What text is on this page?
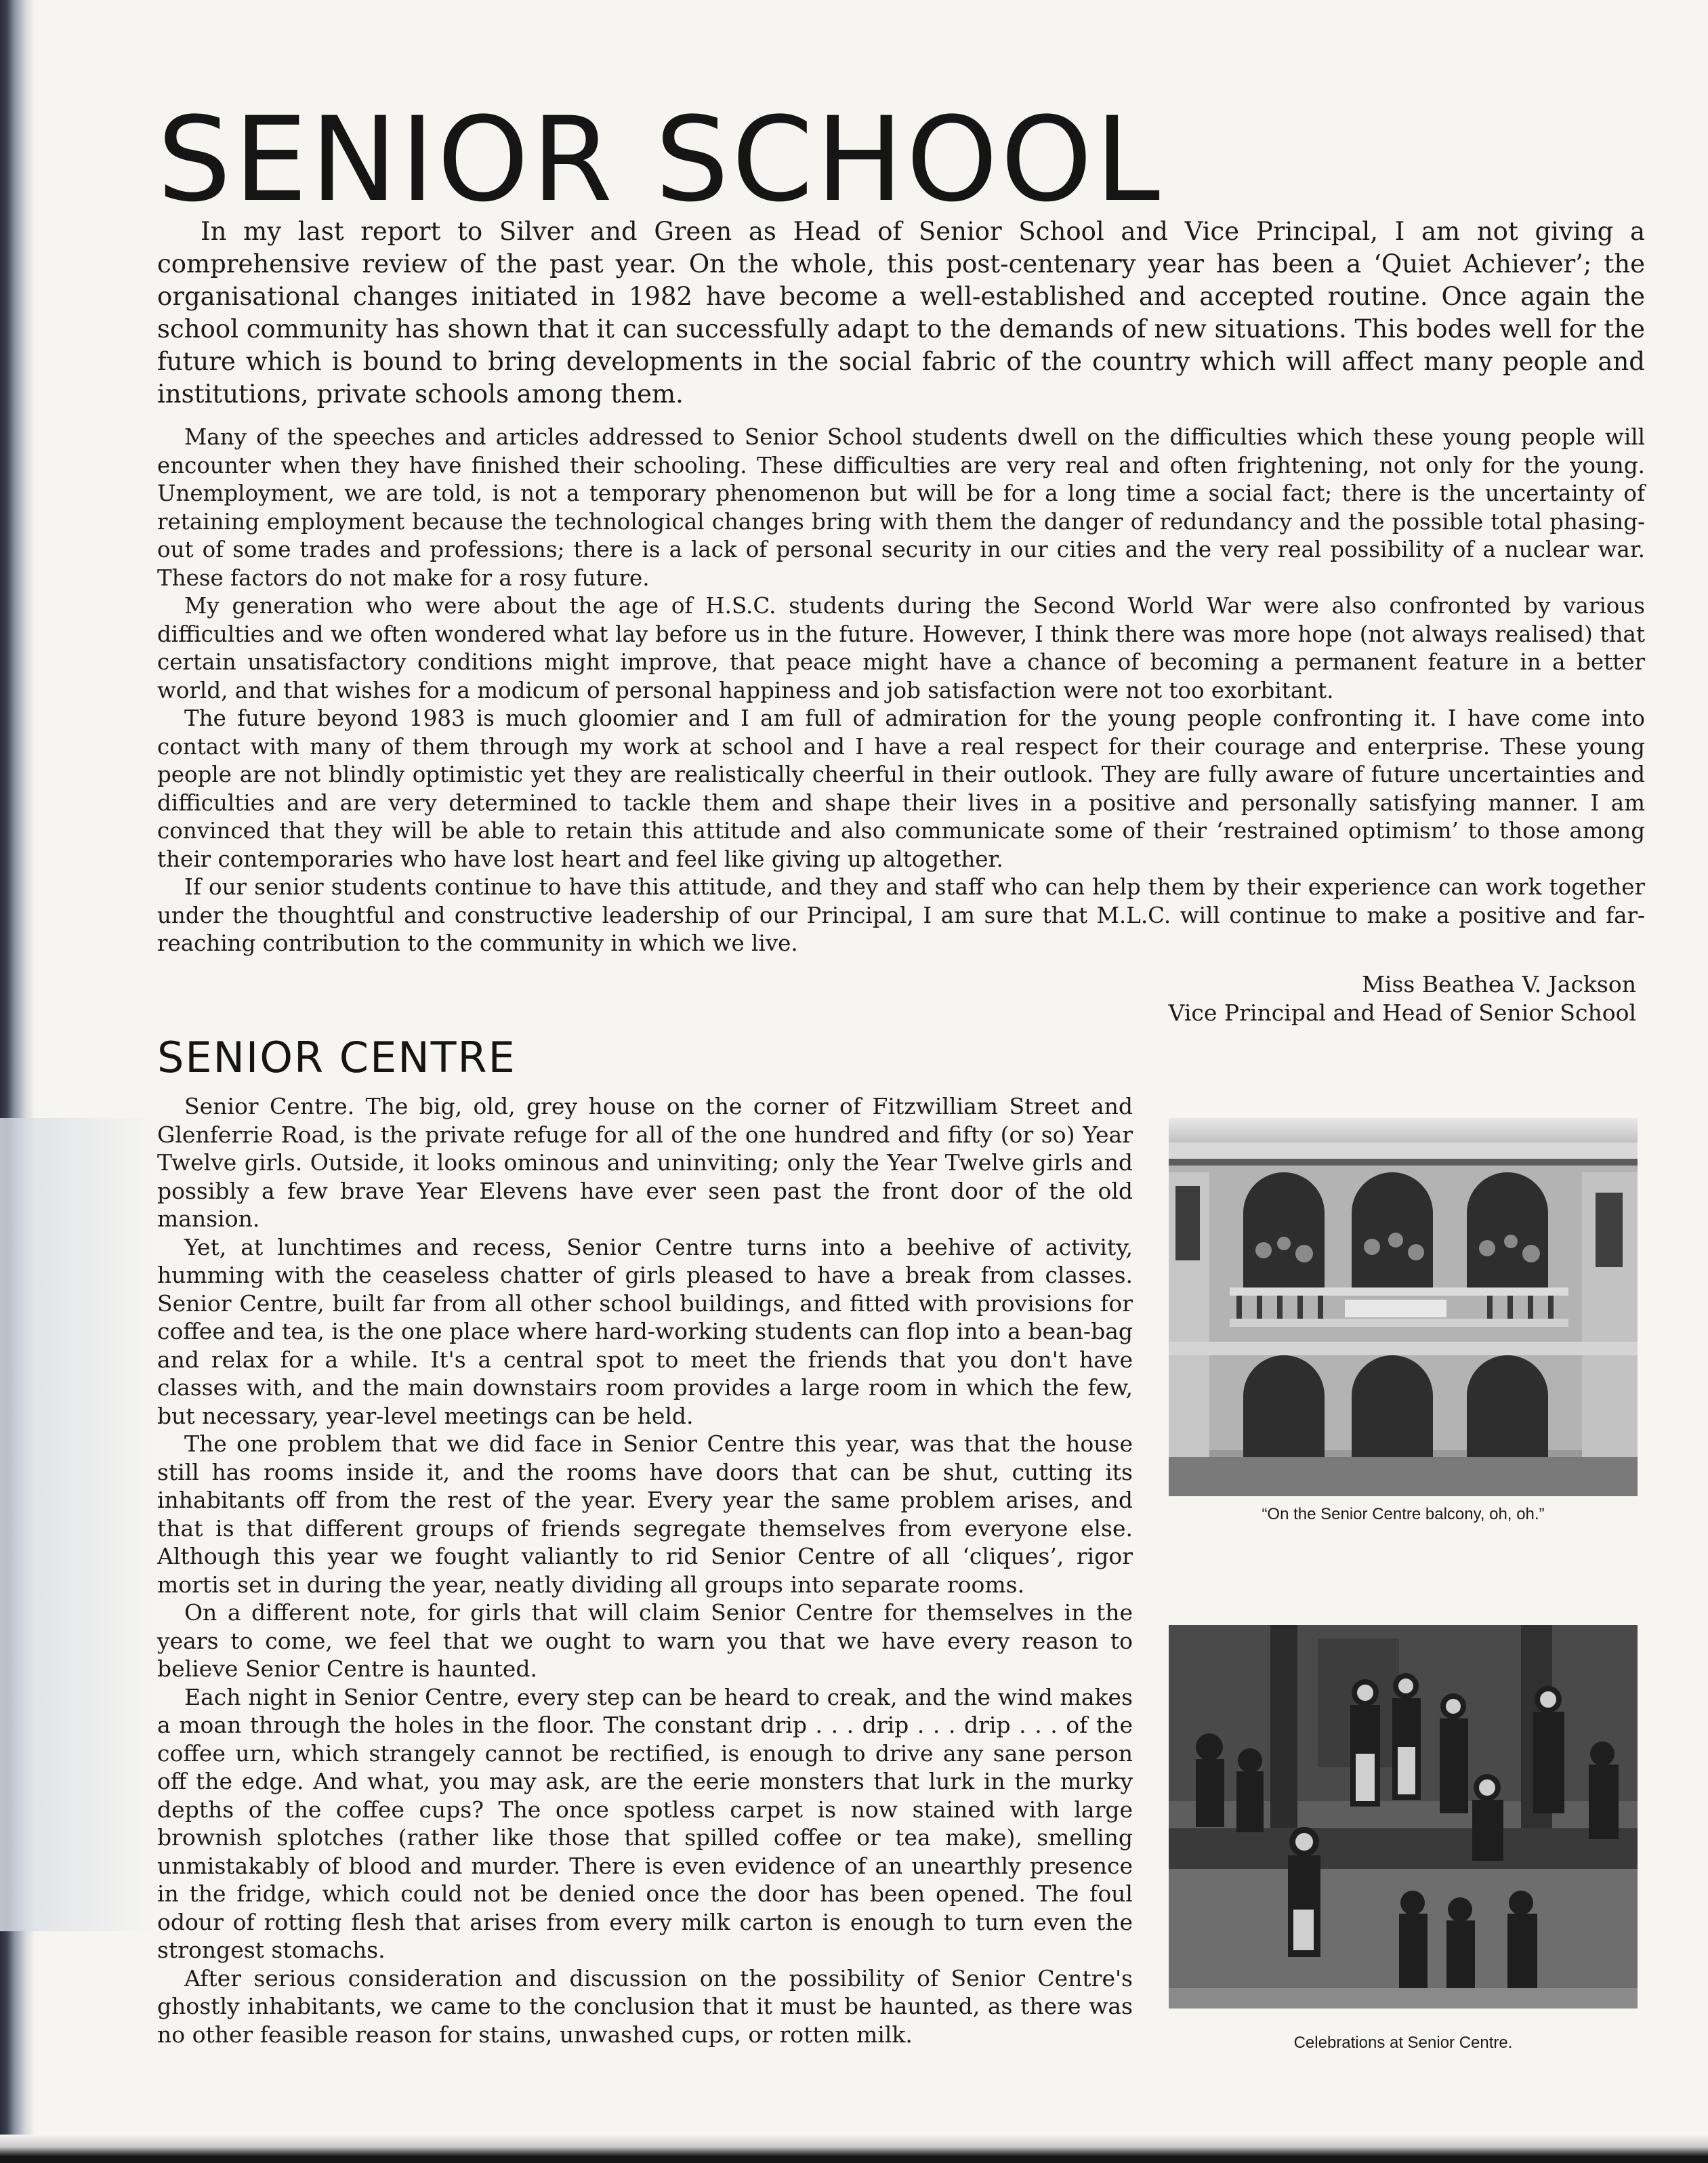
SENIOR SCHOOL

In my last report to Silver and Green as Head of Senior School and Vice Principal, I am not giving a comprehensive review of the past year. On the whole, this post-centenary year has been a ‘Quiet Achiever’; the organisational changes initiated in 1982 have become a well-established and accepted routine. Once again the school community has shown that it can successfully adapt to the demands of new situations. This bodes well for the future which is bound to bring developments in the social fabric of the country which will affect many people and institutions, private schools among them.

Many of the speeches and articles addressed to Senior School students dwell on the difficulties which these young people will encounter when they have finished their schooling. These difficulties are very real and often frightening, not only for the young. Unemployment, we are told, is not a temporary phenomenon but will be for a long time a social fact; there is the uncertainty of retaining employment because the technological changes bring with them the danger of redundancy and the possible total phasing-out of some trades and professions; there is a lack of personal security in our cities and the very real possibility of a nuclear war. These factors do not make for a rosy future.

My generation who were about the age of H.S.C. students during the Second World War were also confronted by various difficulties and we often wondered what lay before us in the future. However, I think there was more hope (not always realised) that certain unsatisfactory conditions might improve, that peace might have a chance of becoming a permanent feature in a better world, and that wishes for a modicum of personal happiness and job satisfaction were not too exorbitant.

The future beyond 1983 is much gloomier and I am full of admiration for the young people confronting it. I have come into contact with many of them through my work at school and I have a real respect for their courage and enterprise. These young people are not blindly optimistic yet they are realistically cheerful in their outlook. They are fully aware of future uncertainties and difficulties and are very determined to tackle them and shape their lives in a positive and personally satisfying manner. I am convinced that they will be able to retain this attitude and also communicate some of their ‘restrained optimism’ to those among their contemporaries who have lost heart and feel like giving up altogether.

If our senior students continue to have this attitude, and they and staff who can help them by their experience can work together under the thoughtful and constructive leadership of our Principal, I am sure that M.L.C. will continue to make a positive and far-reaching contribution to the community in which we live.

Miss Beathea V. Jackson
Vice Principal and Head of Senior School
SENIOR CENTRE

Senior Centre. The big, old, grey house on the corner of Fitzwilliam Street and Glenferrie Road, is the private refuge for all of the one hundred and fifty (or so) Year Twelve girls. Outside, it looks ominous and uninviting; only the Year Twelve girls and possibly a few brave Year Elevens have ever seen past the front door of the old mansion.

Yet, at lunchtimes and recess, Senior Centre turns into a beehive of activity, humming with the ceaseless chatter of girls pleased to have a break from classes. Senior Centre, built far from all other school buildings, and fitted with provisions for coffee and tea, is the one place where hard-working students can flop into a bean-bag and relax for a while. It's a central spot to meet the friends that you don't have classes with, and the main downstairs room provides a large room in which the few, but necessary, year-level meetings can be held.

The one problem that we did face in Senior Centre this year, was that the house still has rooms inside it, and the rooms have doors that can be shut, cutting its inhabitants off from the rest of the year. Every year the same problem arises, and that is that different groups of friends segregate themselves from everyone else. Although this year we fought valiantly to rid Senior Centre of all ‘cliques’, rigor mortis set in during the year, neatly dividing all groups into separate rooms.

On a different note, for girls that will claim Senior Centre for themselves in the years to come, we feel that we ought to warn you that we have every reason to believe Senior Centre is haunted.

Each night in Senior Centre, every step can be heard to creak, and the wind makes a moan through the holes in the floor. The constant drip . . . drip . . . drip . . . of the coffee urn, which strangely cannot be rectified, is enough to drive any sane person off the edge. And what, you may ask, are the eerie monsters that lurk in the murky depths of the coffee cups? The once spotless carpet is now stained with large brownish splotches (rather like those that spilled coffee or tea make), smelling unmistakably of blood and murder. There is even evidence of an unearthly presence in the fridge, which could not be denied once the door has been opened. The foul odour of rotting flesh that arises from every milk carton is enough to turn even the strongest stomachs.

After serious consideration and discussion on the possibility of Senior Centre's ghostly inhabitants, we came to the conclusion that it must be haunted, as there was no other feasible reason for stains, unwashed cups, or rotten milk.

“On the Senior Centre balcony, oh, oh.”
Celebrations at Senior Centre.
